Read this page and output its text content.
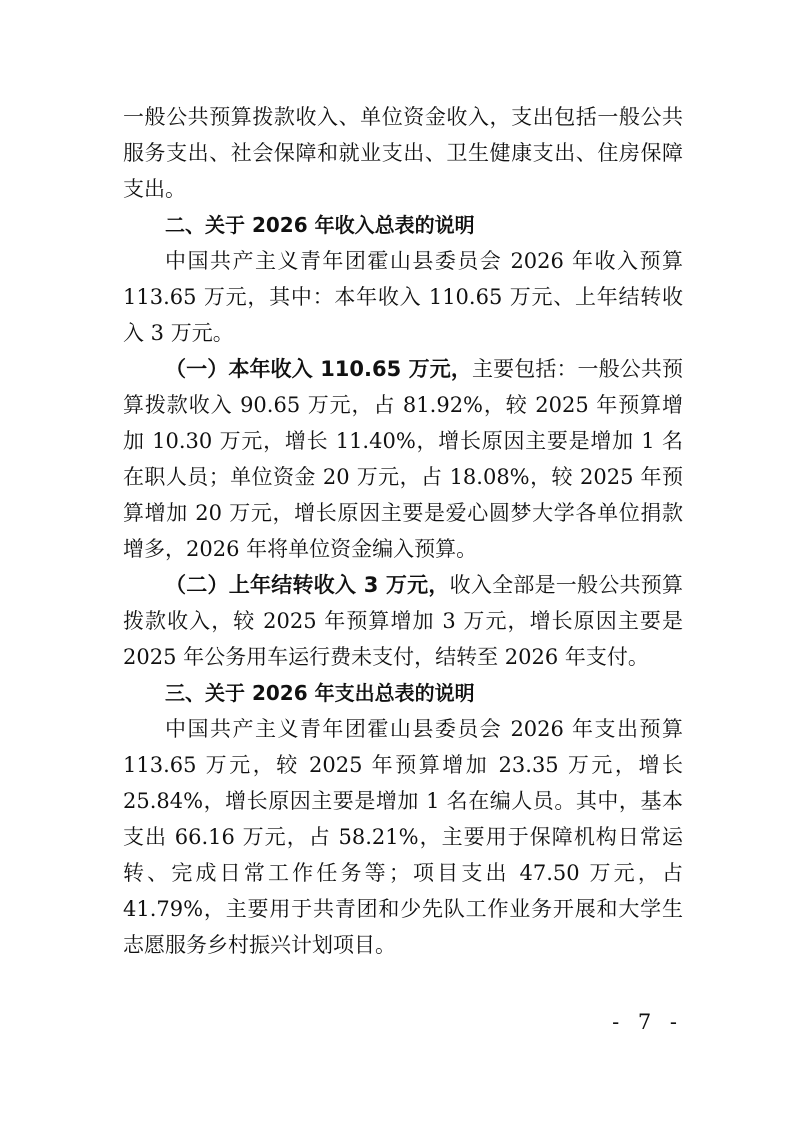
一般公共预算拨款收入、单位资金收入，支出包括一般公共服务支出、社会保障和就业支出、卫生健康支出、住房保障支出。

二、关于 2026 年收入总表的说明

中国共产主义青年团霍山县委员会 2026 年收入预算 113.65 万元，其中：本年收入 110.65 万元、上年结转收入 3 万元。

（一）本年收入 110.65 万元，主要包括：一般公共预算拨款收入 90.65 万元，占 81.92%，较 2025 年预算增加 10.30 万元，增长 11.40%，增长原因主要是增加 1 名在职人员；单位资金 20 万元，占 18.08%，较 2025 年预算增加 20 万元，增长原因主要是爱心圆梦大学各单位捐款增多，2026 年将单位资金编入预算。

（二）上年结转收入 3 万元，收入全部是一般公共预算拨款收入，较 2025 年预算增加 3 万元，增长原因主要是 2025 年公务用车运行费未支付，结转至 2026 年支付。

三、关于 2026 年支出总表的说明

中国共产主义青年团霍山县委员会 2026 年支出预算 113.65 万元，较 2025 年预算增加 23.35 万元，增长 25.84%，增长原因主要是增加 1 名在编人员。其中，基本支出 66.16 万元，占 58.21%，主要用于保障机构日常运转、完成日常工作任务等；项目支出 47.50 万元，占 41.79%，主要用于共青团和少先队工作业务开展和大学生志愿服务乡村振兴计划项目。

- 7 -
